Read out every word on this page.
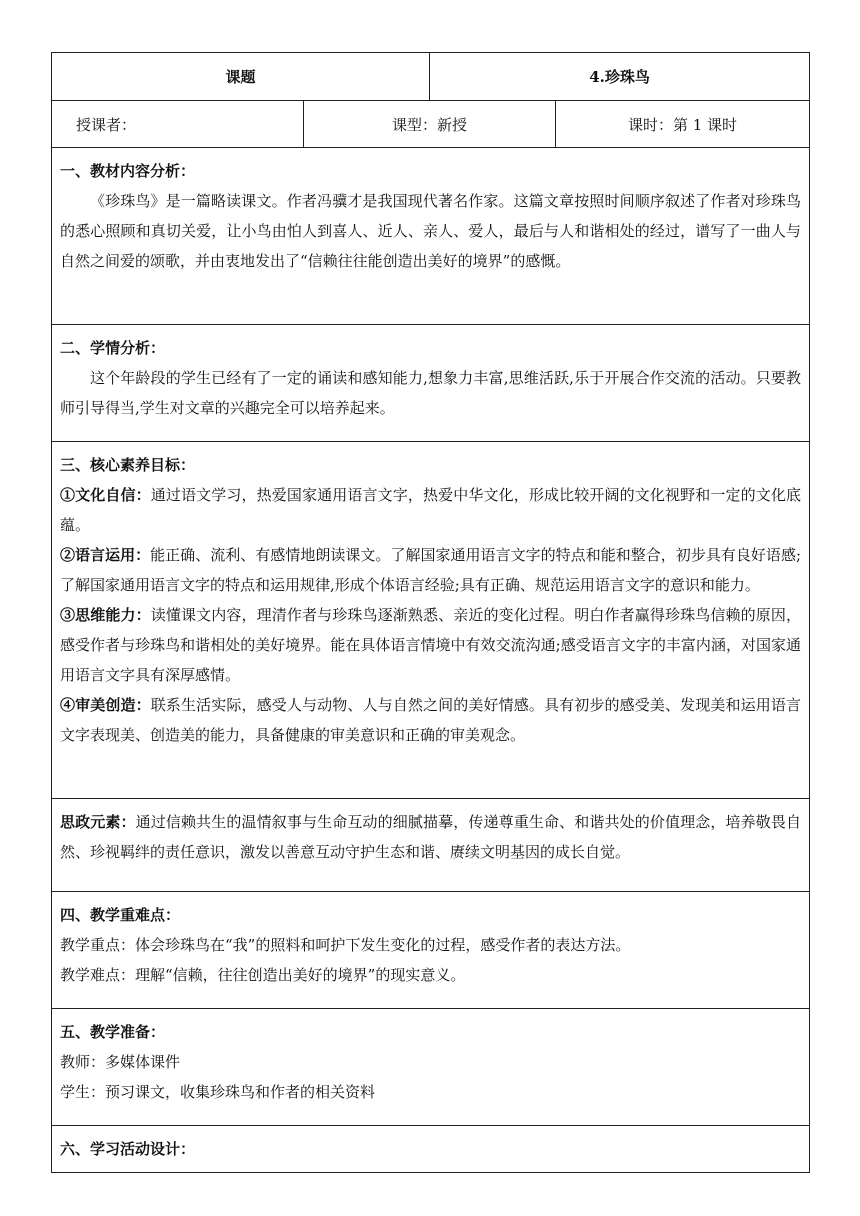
课题		4.珍珠鸟	
授课者：	课型：新授		课时：第 1 课时

一、教材内容分析：

《珍珠鸟》是一篇略读课文。作者冯骥才是我国现代著名作家。这篇文章按照时间顺序叙述了作者对珍珠鸟的悉心照顾和真切关爱，让小鸟由怕人到喜人、近人、亲人、爱人，最后与人和谐相处的经过，谱写了一曲人与自然之间爱的颂歌，并由衷地发出了“信赖往往能创造出美好的境界”的感慨。			

二、学情分析：

这个年龄段的学生已经有了一定的诵读和感知能力,想象力丰富,思维活跃,乐于开展合作交流的活动。只要教师引导得当,学生对文章的兴趣完全可以培养起来。			

三、核心素养目标：

①文化自信：通过语文学习，热爱国家通用语言文字，热爱中华文化，形成比较开阔的文化视野和一定的文化底蕴。

②语言运用：能正确、流利、有感情地朗读课文。了解国家通用语言文字的特点和能和整合，初步具有良好语感;了解国家通用语言文字的特点和运用规律,形成个体语言经验;具有正确、规范运用语言文字的意识和能力。

③思维能力：读懂课文内容，理清作者与珍珠鸟逐渐熟悉、亲近的变化过程。明白作者赢得珍珠鸟信赖的原因，感受作者与珍珠鸟和谐相处的美好境界。能在具体语言情境中有效交流沟通;感受语言文字的丰富内涵，对国家通用语言文字具有深厚感情。

④审美创造：联系生活实际，感受人与动物、人与自然之间的美好情感。具有初步的感受美、发现美和运用语言文字表现美、创造美的能力，具备健康的审美意识和正确的审美观念。			

思政元素：通过信赖共生的温情叙事与生命互动的细腻描摹，传递尊重生命、和谐共处的价值理念，培养敬畏自然、珍视羁绊的责任意识，激发以善意互动守护生态和谐、赓续文明基因的成长自觉。			

四、教学重难点：

教学重点：体会珍珠鸟在“我”的照料和呵护下发生变化的过程，感受作者的表达方法。

教学难点：理解“信赖，往往创造出美好的境界”的现实意义。			

五、教学准备：

教师：多媒体课件

学生：预习课文，收集珍珠鸟和作者的相关资料			

六、学习活动设计：			
